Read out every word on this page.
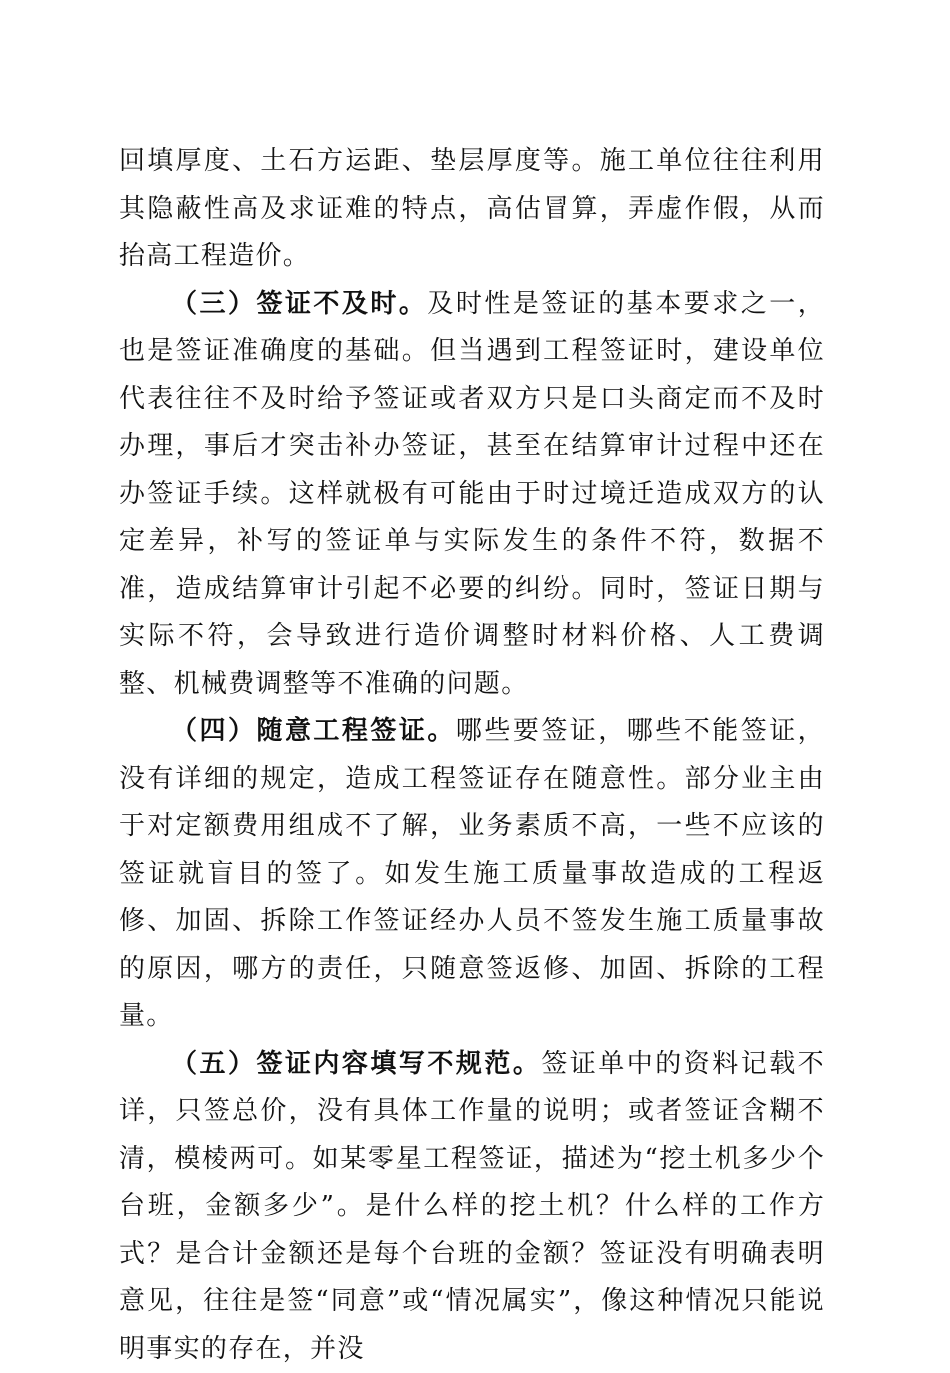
回填厚度、土石方运距、垫层厚度等。施工单位往往利用其隐蔽性高及求证难的特点，高估冒算，弄虚作假，从而抬高工程造价。

（三）签证不及时。及时性是签证的基本要求之一，也是签证准确度的基础。但当遇到工程签证时，建设单位代表往往不及时给予签证或者双方只是口头商定而不及时办理，事后才突击补办签证，甚至在结算审计过程中还在办签证手续。这样就极有可能由于时过境迁造成双方的认定差异，补写的签证单与实际发生的条件不符，数据不准，造成结算审计引起不必要的纠纷。同时，签证日期与实际不符，会导致进行造价调整时材料价格、人工费调整、机械费调整等不准确的问题。

（四）随意工程签证。哪些要签证，哪些不能签证，没有详细的规定，造成工程签证存在随意性。部分业主由于对定额费用组成不了解，业务素质不高，一些不应该的签证就盲目的签了。如发生施工质量事故造成的工程返修、加固、拆除工作签证经办人员不签发生施工质量事故的原因，哪方的责任，只随意签返修、加固、拆除的工程量。

（五）签证内容填写不规范。签证单中的资料记载不详，只签总价，没有具体工作量的说明；或者签证含糊不清，模棱两可。如某零星工程签证，描述为“挖土机多少个台班，金额多少”。是什么样的挖土机？什么样的工作方式？是合计金额还是每个台班的金额？签证没有明确表明意见，往往是签“同意”或“情况属实”，像这种情况只能说明事实的存在，并没
